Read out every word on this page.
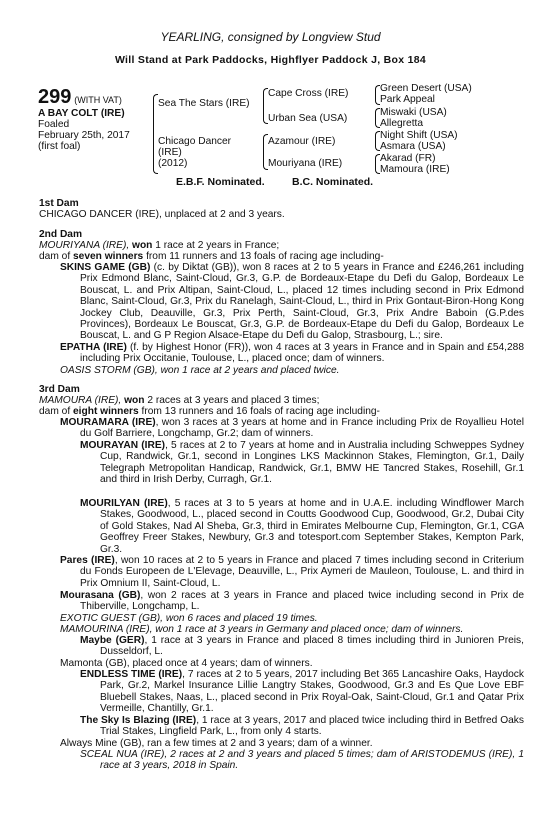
YEARLING, consigned by Longview Stud
Will Stand at Park Paddocks, Highflyer Paddock J, Box 184
299 (WITH VAT)
A BAY COLT (IRE)
Foaled
February 25th, 2017
(first foal)
Sea The Stars (IRE)
Chicago Dancer
(IRE)
(2012)
Cape Cross (IRE)
Urban Sea (USA)
Azamour (IRE)
Mouriyana (IRE)
Green Desert (USA)
Park Appeal
Miswaki (USA)
Allegretta
Night Shift (USA)
Asmara (USA)
Akarad (FR)
Mamoura (IRE)
E.B.F. Nominated.	B.C. Nominated.
1st Dam
CHICAGO DANCER (IRE), unplaced at 2 and 3 years.
2nd Dam
MOURIYANA (IRE), won 1 race at 2 years in France;
dam of seven winners from 11 runners and 13 foals of racing age including-

SKINS GAME (GB) (c. by Diktat (GB)), won 8 races at 2 to 5 years in France and £246,261 including Prix Edmond Blanc, Saint-Cloud, Gr.3, G.P. de Bordeaux-Etape du Defi du Galop, Bordeaux Le Bouscat, L. and Prix Altipan, Saint-Cloud, L., placed 12 times including second in Prix Edmond Blanc, Saint-Cloud, Gr.3, Prix du Ranelagh, Saint-Cloud, L., third in Prix Gontaut-Biron-Hong Kong Jockey Club, Deauville, Gr.3, Prix Perth, Saint-Cloud, Gr.3, Prix Andre Baboin (G.P.des Provinces), Bordeaux Le Bouscat, Gr.3, G.P. de Bordeaux-Etape du Defi du Galop, Bordeaux Le Bouscat, L. and G P Region Alsace-Etape du Defi du Galop, Strasbourg, L.; sire.

EPATHA (IRE) (f. by Highest Honor (FR)), won 4 races at 3 years in France and in Spain and £54,288 including Prix Occitanie, Toulouse, L., placed once; dam of winners.

OASIS STORM (GB), won 1 race at 2 years and placed twice.
3rd Dam
MAMOURA (IRE), won 2 races at 3 years and placed 3 times;
dam of eight winners from 13 runners and 16 foals of racing age including-

MOURAMARA (IRE), won 3 races at 3 years at home and in France including Prix de Royallieu Hotel du Golf Barriere, Longchamp, Gr.2; dam of winners.

MOURAYAN (IRE), 5 races at 2 to 7 years at home and in Australia including Schweppes Sydney Cup, Randwick, Gr.1, second in Longines LKS Mackinnon Stakes, Flemington, Gr.1, Daily Telegraph Metropolitan Handicap, Randwick, Gr.1, BMW HE Tancred Stakes, Rosehill, Gr.1 and third in Irish Derby, Curragh, Gr.1.

MOURILYAN (IRE), 5 races at 3 to 5 years at home and in U.A.E. including Windflower March Stakes, Goodwood, L., placed second in Coutts Goodwood Cup, Goodwood, Gr.2, Dubai City of Gold Stakes, Nad Al Sheba, Gr.3, third in Emirates Melbourne Cup, Flemington, Gr.1, CGA Geoffrey Freer Stakes, Newbury, Gr.3 and totesport.com September Stakes, Kempton Park, Gr.3.

Pares (IRE), won 10 races at 2 to 5 years in France and placed 7 times including second in Criterium du Fonds Europeen de L'Elevage, Deauville, L., Prix Aymeri de Mauleon, Toulouse, L. and third in Prix Omnium II, Saint-Cloud, L.

Mourasana (GB), won 2 races at 3 years in France and placed twice including second in Prix de Thiberville, Longchamp, L.

EXOTIC GUEST (GB), won 6 races and placed 19 times.
MAMOURINA (IRE), won 1 race at 3 years in Germany and placed once; dam of winners.

Maybe (GER), 1 race at 3 years in France and placed 8 times including third in Junioren Preis, Dusseldorf, L.

Mamonta (GB), placed once at 4 years; dam of winners.

ENDLESS TIME (IRE), 7 races at 2 to 5 years, 2017 including Bet 365 Lancashire Oaks, Haydock Park, Gr.2, Markel Insurance Lillie Langtry Stakes, Goodwood, Gr.3 and Es Que Love EBF Bluebell Stakes, Naas, L., placed second in Prix Royal-Oak, Saint-Cloud, Gr.1 and Qatar Prix Vermeille, Chantilly, Gr.1.

The Sky Is Blazing (IRE), 1 race at 3 years, 2017 and placed twice including third in Betfred Oaks Trial Stakes, Lingfield Park, L., from only 4 starts.

Always Mine (GB), ran a few times at 2 and 3 years; dam of a winner.

SCEAL NUA (IRE), 2 races at 2 and 3 years and placed 5 times; dam of ARISTODEMUS (IRE), 1 race at 3 years, 2018 in Spain.
